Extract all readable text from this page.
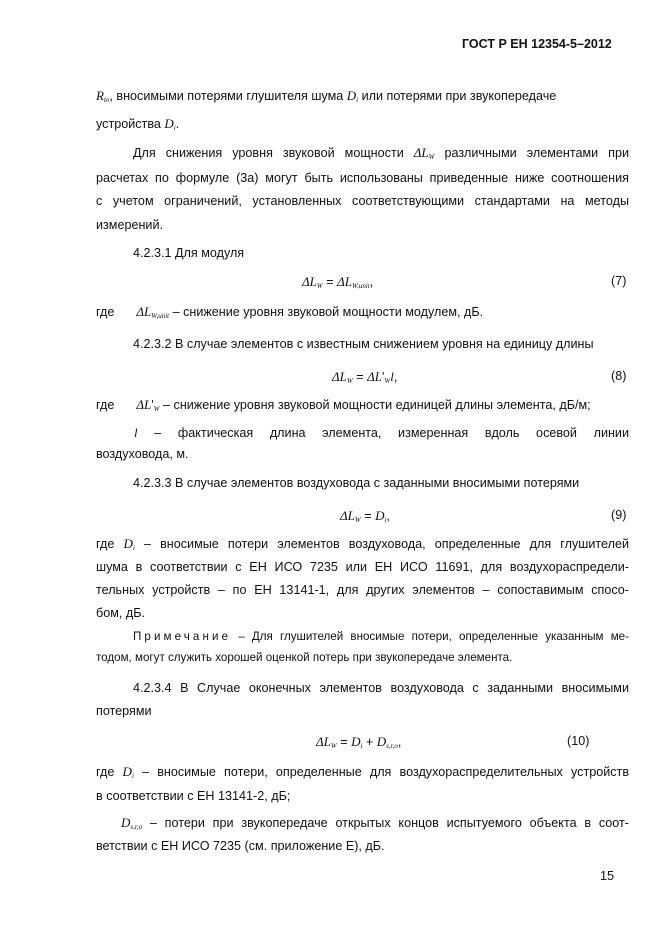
ГОСТ Р ЕН 12354-5–2012
$R_{tо}$, вносимыми потерями глушителя шума $D_i$ или потерями при звукопередаче
устройства $D_i$.
Для снижения уровня звуковой мощности $\Delta L_W$ различными элементами при
расчетах по формуле (3а) могут быть использованы приведенные ниже соотношения
с учетом ограничений, установленных соответствующими стандартами на методы
измерений.
4.2.3.1 Для модуля
$\Delta L_W = \Delta L_{W,unit}$,	(7)
где $\Delta L_{W,unit}$ – снижение уровня звуковой мощности модулем, дБ.
4.2.3.2 В случае элементов с известным снижением уровня на единицу длины
$\Delta L_W = \Delta L'_Wl$,	(8)
где $\Delta L'_W$ – снижение уровня звуковой мощности единицей длины элемента, дБ/м;
l – фактическая длина элемента, измеренная вдоль осевой линии
воздуховода, м.
4.2.3.3 В случае элементов воздуховода с заданными вносимыми потерями
$\Delta L_W = D_i$,	(9)
где $D_i$ – вносимые потери элементов воздуховода, определенные для глушителей
шума в соответствии с ЕН ИСО 7235 или ЕН ИСО 11691, для воздухораспредели-
тельных устройств – по ЕН 13141-1, для других элементов – сопоставимым спосо-
бом, дБ.
Примечание – Для глушителей вносимые потери, определенные указанным ме-
тодом, могут служить хорошей оценкой потерь при звукопередаче элемента.
4.2.3.4 В Случае оконечных элементов воздуховода с заданными вносимыми
потерями
$\Delta L_W = D_i + D_{s,r,o}$,	(10)
где $D_i$ – вносимые потери, определенные для воздухораспределительных устройств
в соответствии с ЕН 13141-2, дБ;
$D_{s,r,o}$ – потери при звукопередаче открытых концов испытуемого объекта в соот-
ветствии с ЕН ИСО 7235 (см. приложение Е), дБ.
15
